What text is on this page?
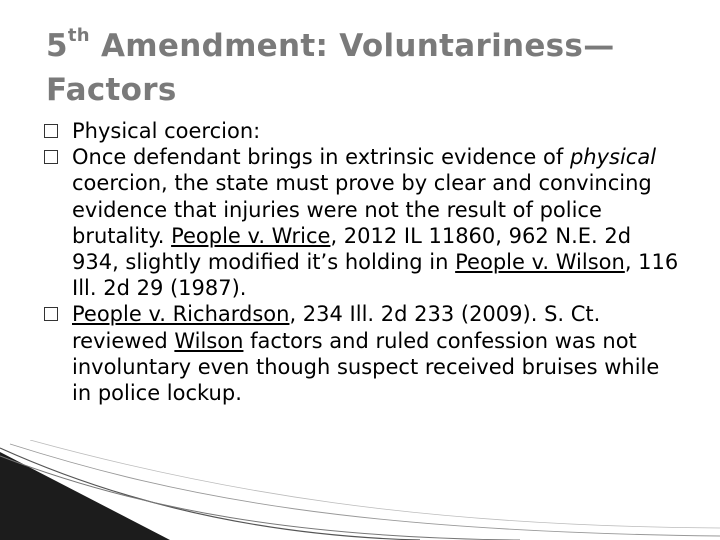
5th Amendment: Voluntariness—
Factors
Physical coercion:
Once defendant brings in extrinsic evidence of physical coercion, the state must prove by clear and convincing evidence that injuries were not the result of police brutality. People v. Wrice, 2012 IL 11860, 962 N.E. 2d 934, slightly modified it’s holding in People v. Wilson, 116 Ill. 2d 29 (1987).
People v. Richardson, 234 Ill. 2d 233 (2009). S. Ct. reviewed Wilson factors and ruled confession was not involuntary even though suspect received bruises while in police lockup.
